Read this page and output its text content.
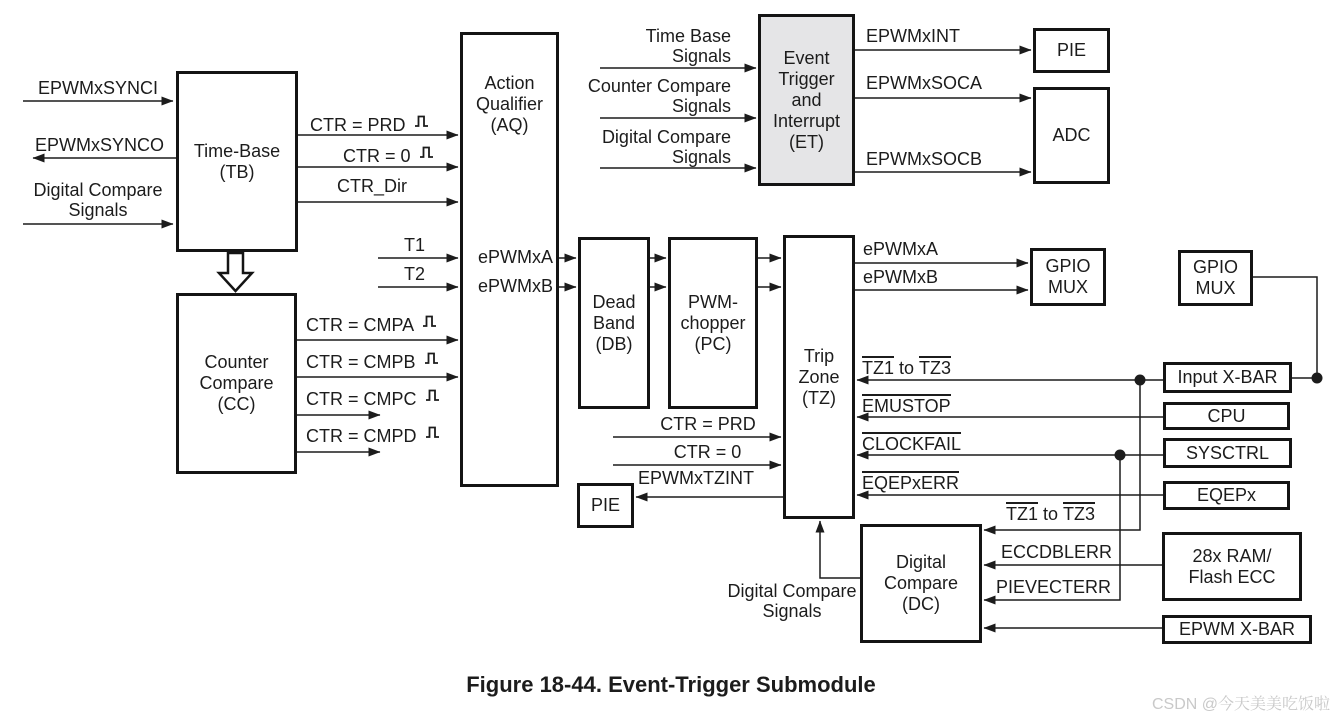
Time-Base
(TB)
Counter
Compare
(CC)
Action
Qualifier
(AQ)
Event
Trigger
and
Interrupt
(ET)
PIE
ADC
Dead
Band
(DB)
PWM-
chopper
(PC)
Trip
Zone
(TZ)
GPIO
MUX
GPIO
MUX
Input X-BAR
CPU
SYSCTRL
EQEPx
28x RAM/
Flash ECC
EPWM X-BAR
PIE
Digital
Compare
(DC)
EPWMxSYNCI
EPWMxSYNCO
Digital Compare
Signals
CTR = PRD
CTR = 0
CTR_Dir
T1
T2
CTR = CMPA
CTR = CMPB
CTR = CMPC
CTR = CMPD
ePWMxA
ePWMxB
Time Base
Signals
Counter Compare
Signals
Digital Compare
Signals
EPWMxINT
EPWMxSOCA
EPWMxSOCB
ePWMxA
ePWMxB
TZ1 to TZ3
EMUSTOP
CLOCKFAIL
EQEPxERR
CTR = PRD
CTR = 0
EPWMxTZINT
Digital Compare
Signals
TZ1 to TZ3
ECCDBLERR
PIEVECTERR
Figure 18-44. Event-Trigger Submodule
CSDN @今天美美吃饭啦
